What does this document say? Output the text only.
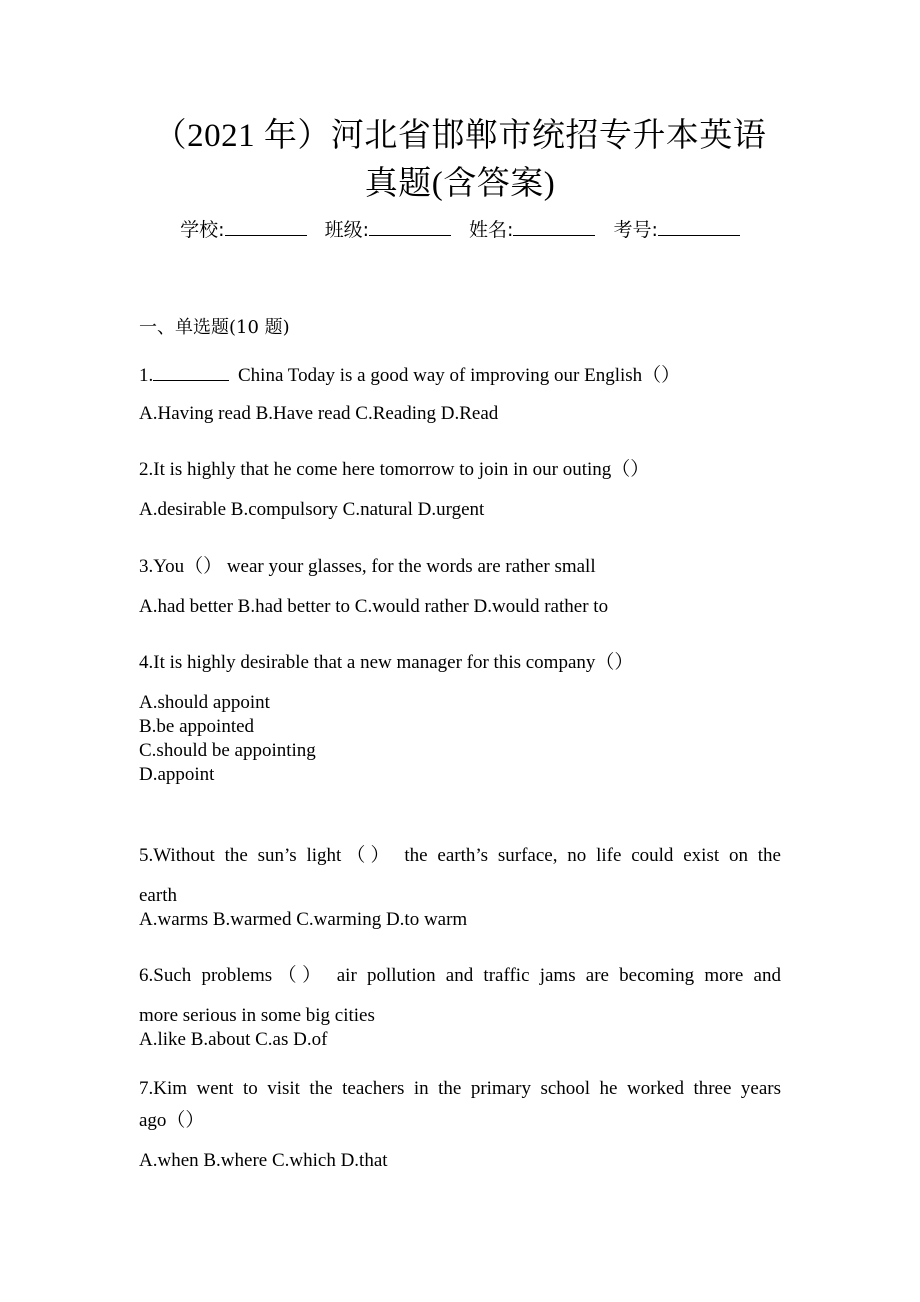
（2021 年）河北省邯郸市统招专升本英语
真题(含答案)
学校:	班级:	姓名:	考号:
一、单选题(10 题)
1.	China Today is a good way of improving our English（）
A.Having read B.Have read C.Reading D.Read
2.It is highly that he come here tomorrow to join in our outing（）
A.desirable B.compulsory C.natural D.urgent
3.You（） wear your glasses, for the words are rather small
A.had better B.had better to C.would rather D.would rather to
4.It is highly desirable that a new manager for this company（）
A.should appoint
B.be appointed
C.should be appointing
D.appoint
5.Without the sun’s light（） the earth’s surface, no life could exist on the
earth
A.warms B.warmed C.warming D.to warm
6.Such problems（） air pollution and traffic jams are becoming more and
more serious in some big cities
A.like B.about C.as D.of
7.Kim went to visit the teachers in the primary school he worked three years
ago（）
A.when B.where C.which D.that
